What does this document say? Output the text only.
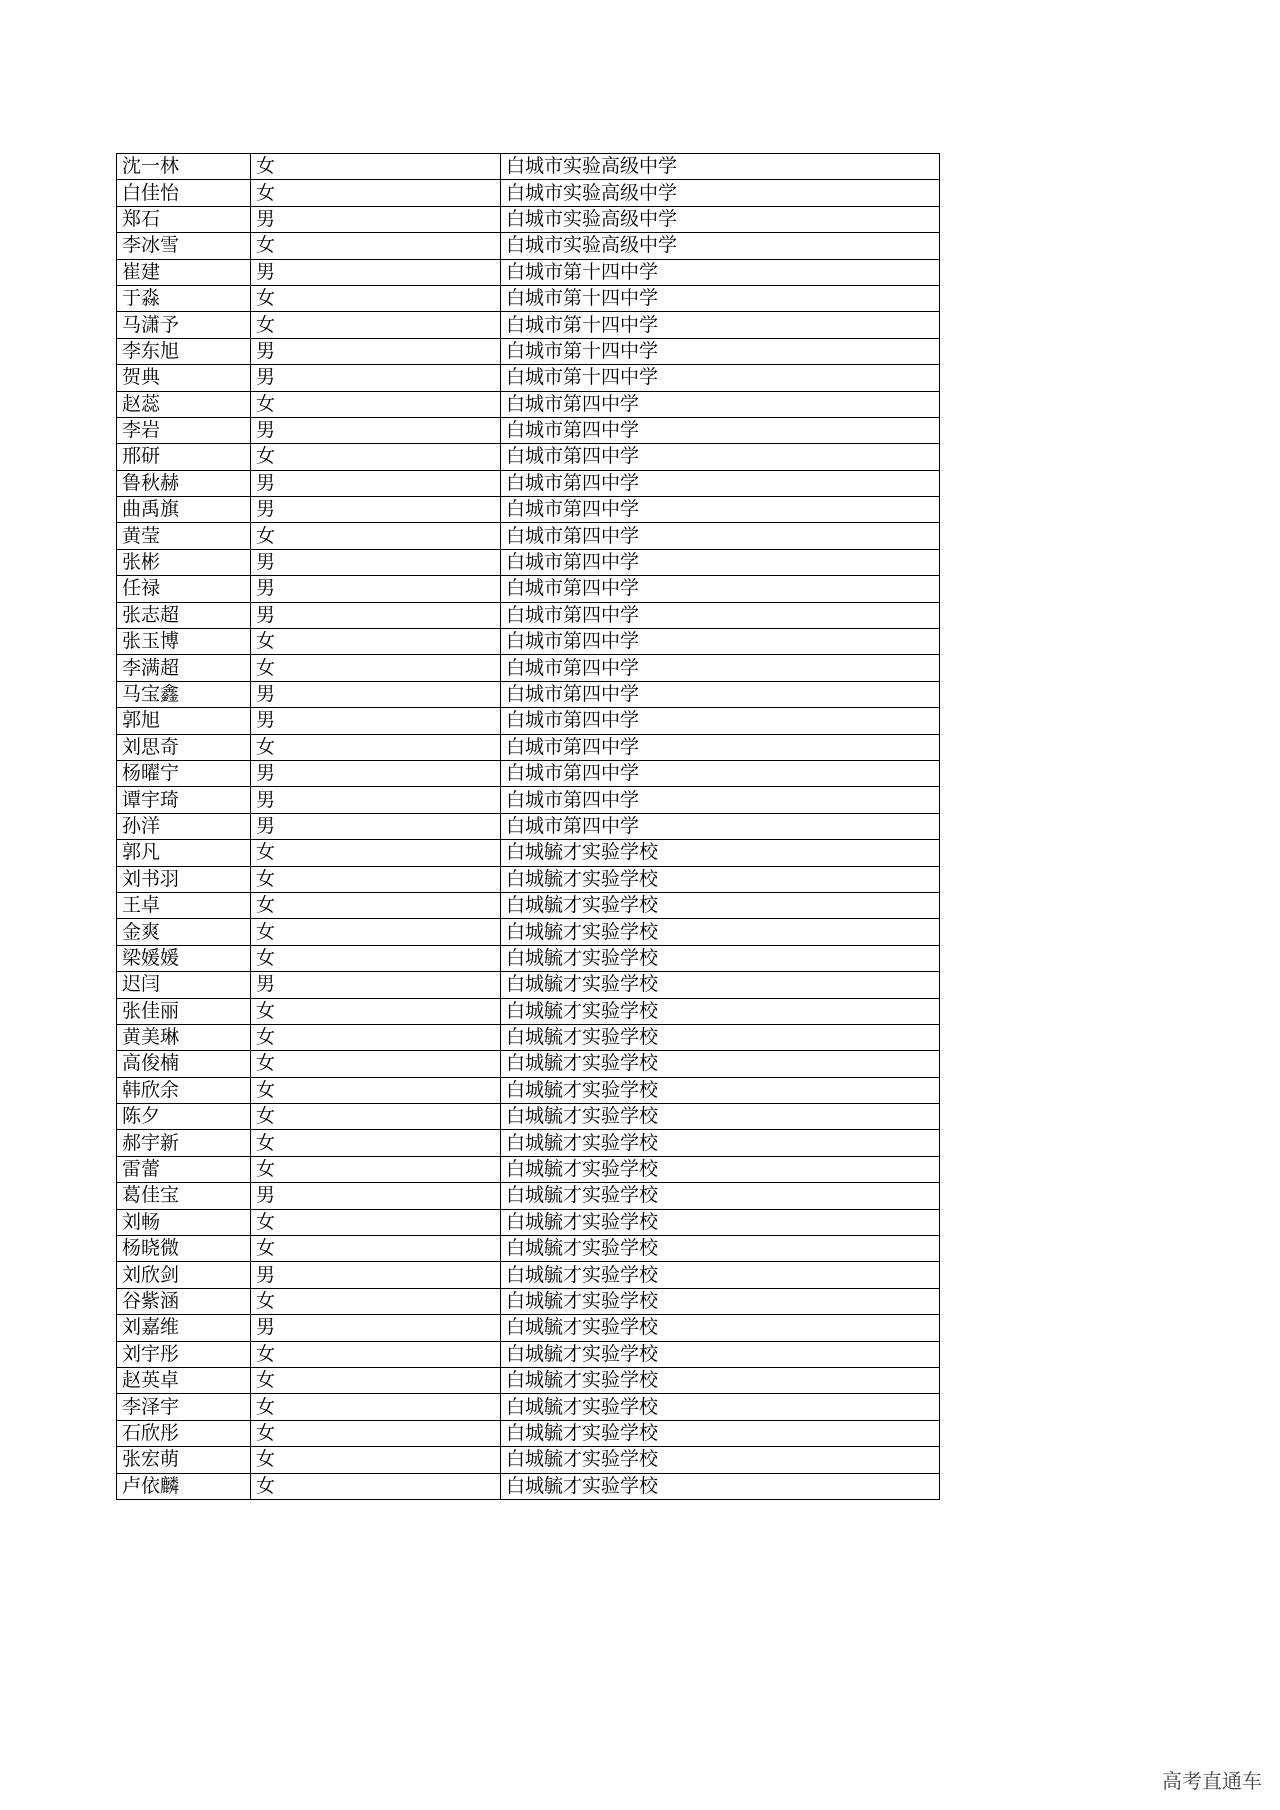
沈一林	女	白城市实验高级中学
白佳怡	女	白城市实验高级中学
郑石	男	白城市实验高级中学
李冰雪	女	白城市实验高级中学
崔建	男	白城市第十四中学
于淼	女	白城市第十四中学
马潇予	女	白城市第十四中学
李东旭	男	白城市第十四中学
贺典	男	白城市第十四中学
赵蕊	女	白城市第四中学
李岩	男	白城市第四中学
邢研	女	白城市第四中学
鲁秋赫	男	白城市第四中学
曲禹旗	男	白城市第四中学
黄莹	女	白城市第四中学
张彬	男	白城市第四中学
任禄	男	白城市第四中学
张志超	男	白城市第四中学
张玉博	女	白城市第四中学
李满超	女	白城市第四中学
马宝鑫	男	白城市第四中学
郭旭	男	白城市第四中学
刘思奇	女	白城市第四中学
杨曜宁	男	白城市第四中学
谭宇琦	男	白城市第四中学
孙洋	男	白城市第四中学
郭凡	女	白城毓才实验学校
刘书羽	女	白城毓才实验学校
王卓	女	白城毓才实验学校
金爽	女	白城毓才实验学校
梁媛媛	女	白城毓才实验学校
迟闫	男	白城毓才实验学校
张佳丽	女	白城毓才实验学校
黄美琳	女	白城毓才实验学校
高俊楠	女	白城毓才实验学校
韩欣余	女	白城毓才实验学校
陈夕	女	白城毓才实验学校
郝宇新	女	白城毓才实验学校
雷蕾	女	白城毓才实验学校
葛佳宝	男	白城毓才实验学校
刘畅	女	白城毓才实验学校
杨晓微	女	白城毓才实验学校
刘欣剑	男	白城毓才实验学校
谷紫涵	女	白城毓才实验学校
刘嘉维	男	白城毓才实验学校
刘宇彤	女	白城毓才实验学校
赵英卓	女	白城毓才实验学校
李泽宇	女	白城毓才实验学校
石欣彤	女	白城毓才实验学校
张宏萌	女	白城毓才实验学校
卢依麟	女	白城毓才实验学校
高考直通车
